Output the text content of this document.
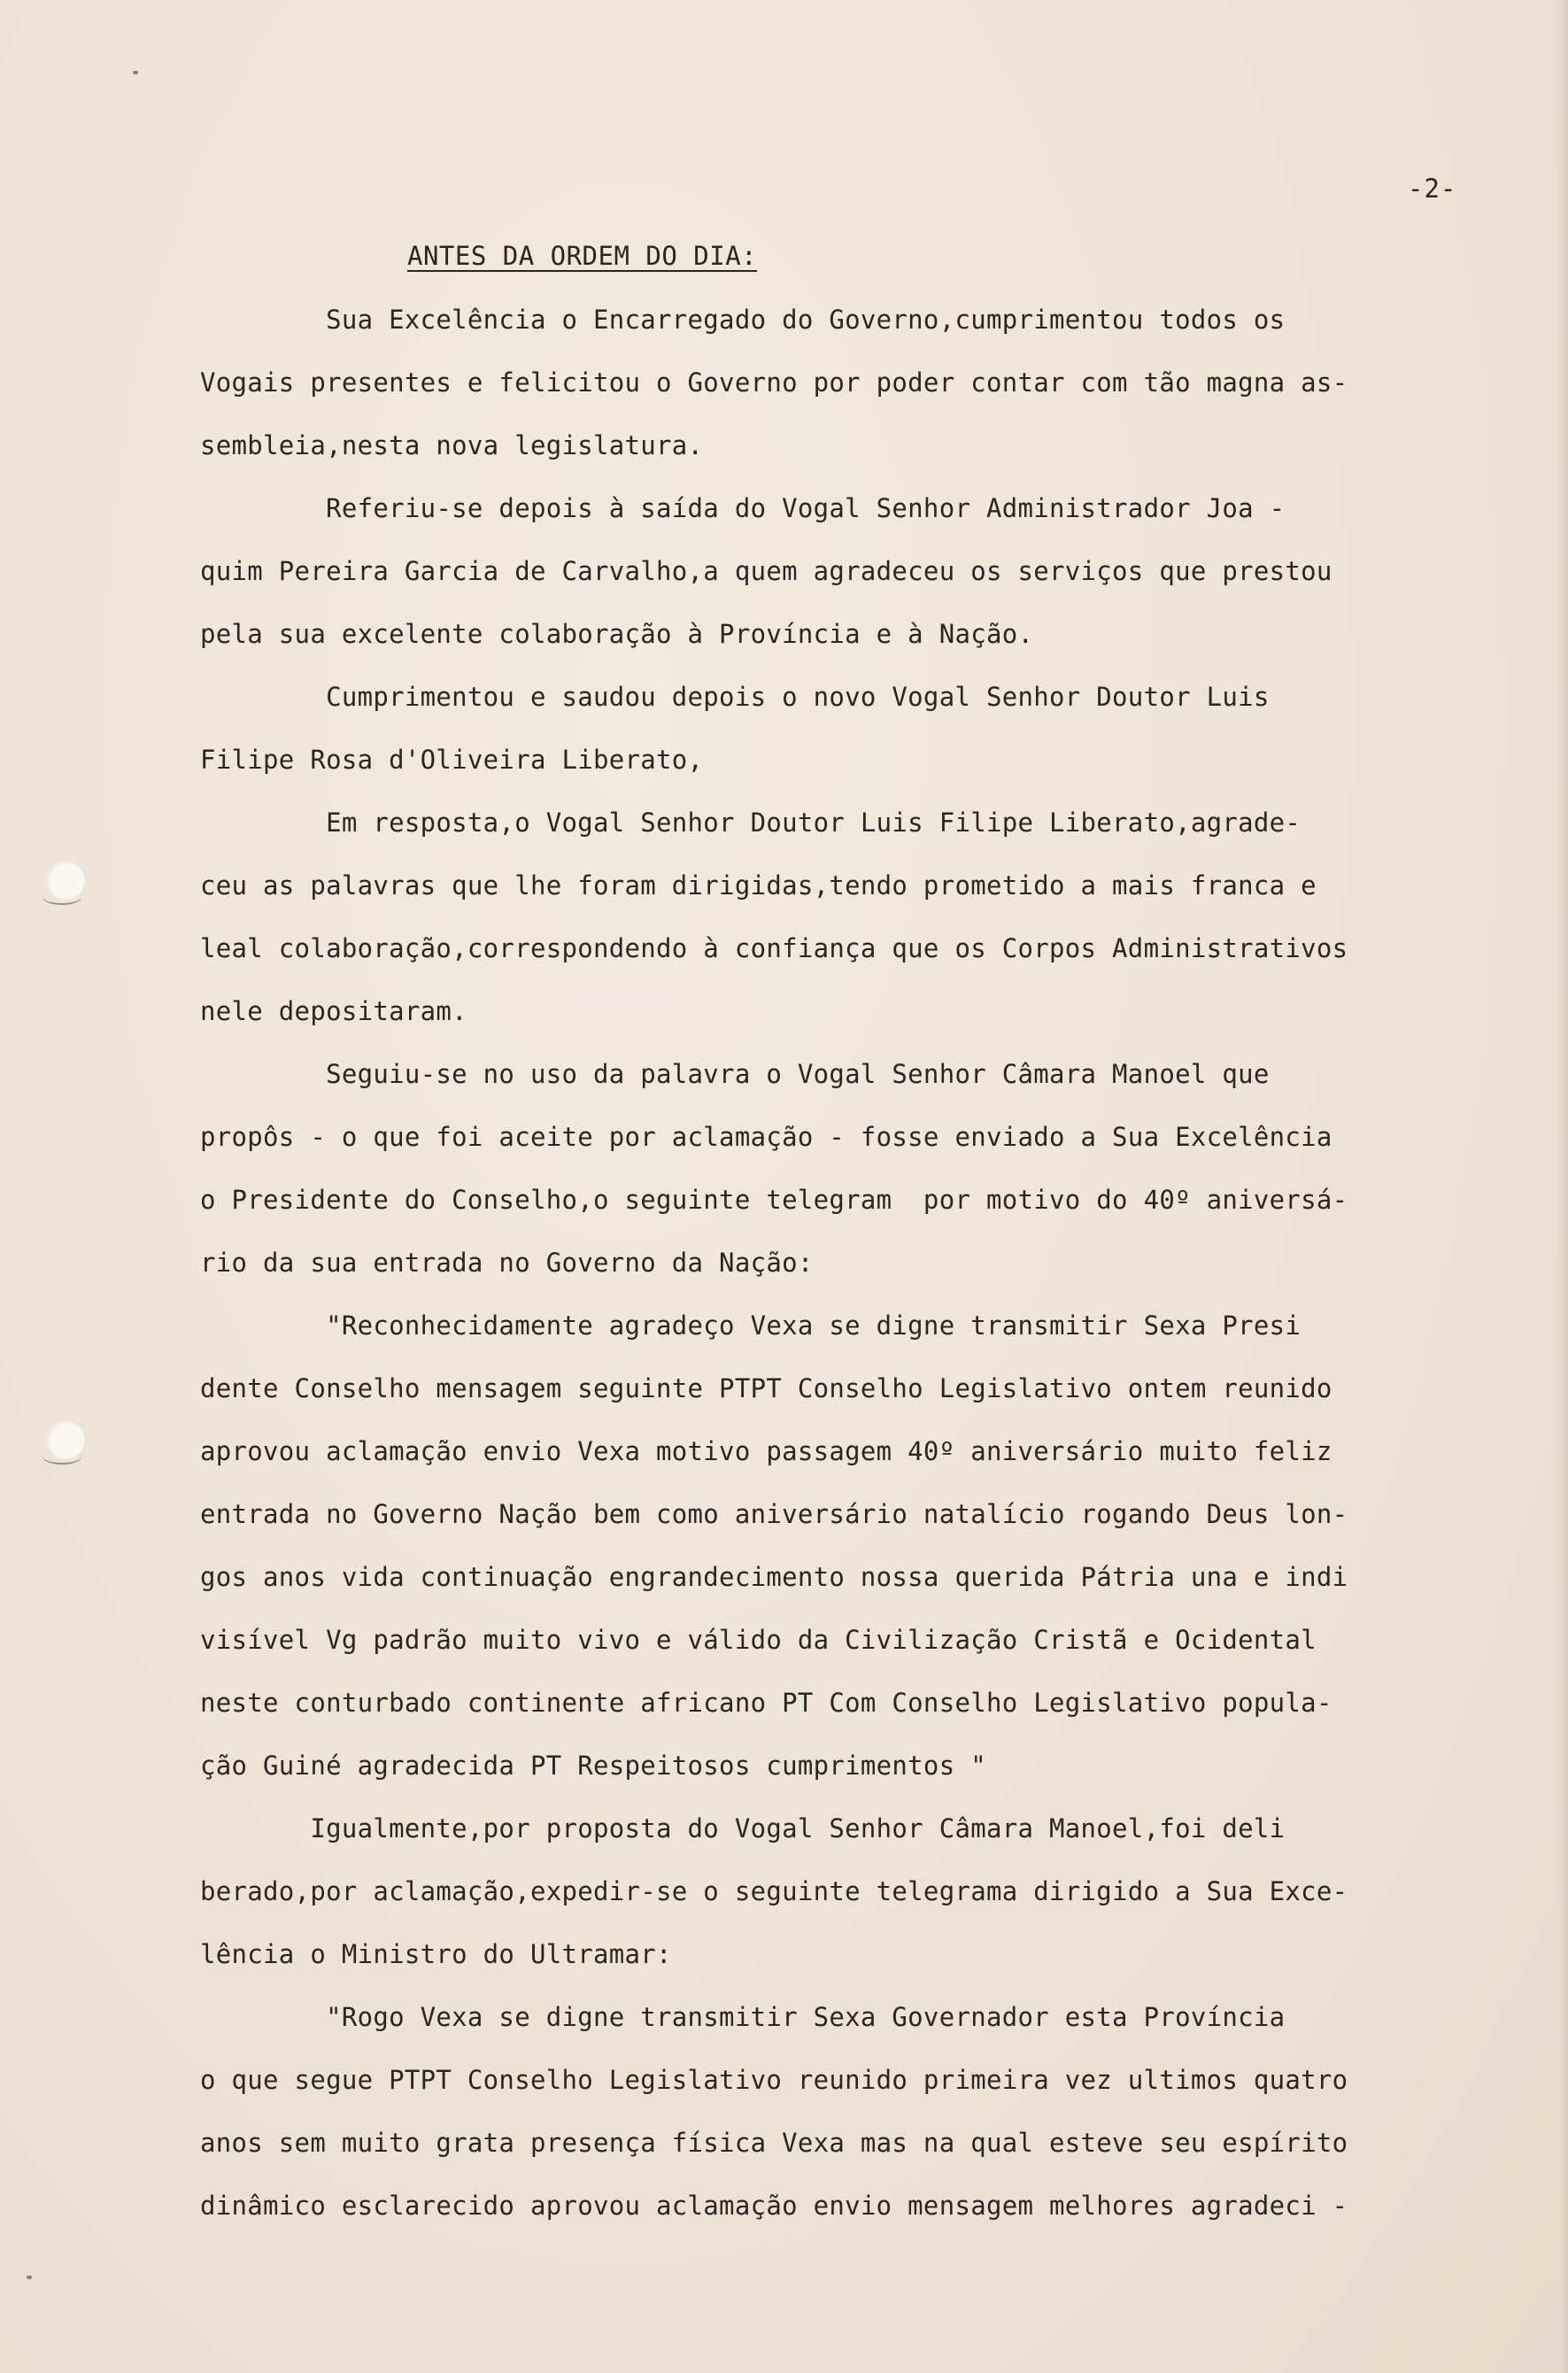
-2-
ANTES DA ORDEM DO DIA:
Sua Excelência o Encarregado do Governo,cumprimentou todos os
Vogais presentes e felicitou o Governo por poder contar com tão magna as-
sembleia,nesta nova legislatura.
Referiu-se depois à saída do Vogal Senhor Administrador Joa -
quim Pereira Garcia de Carvalho,a quem agradeceu os serviços que prestou
pela sua excelente colaboração à Província e à Nação.
Cumprimentou e saudou depois o novo Vogal Senhor Doutor Luis
Filipe Rosa d'Oliveira Liberato,
Em resposta,o Vogal Senhor Doutor Luis Filipe Liberato,agrade-
ceu as palavras que lhe foram dirigidas,tendo prometido a mais franca e
leal colaboração,correspondendo à confiança que os Corpos Administrativos
nele depositaram.
Seguiu-se no uso da palavra o Vogal Senhor Câmara Manoel que
propôs - o que foi aceite por aclamação - fosse enviado a Sua Excelência
o Presidente do Conselho,o seguinte telegram  por motivo do 40º aniversá-
rio da sua entrada no Governo da Nação:
"Reconhecidamente agradeço Vexa se digne transmitir Sexa Presi
dente Conselho mensagem seguinte PTPT Conselho Legislativo ontem reunido
aprovou aclamação envio Vexa motivo passagem 40º aniversário muito feliz
entrada no Governo Nação bem como aniversário natalício rogando Deus lon-
gos anos vida continuação engrandecimento nossa querida Pátria una e indi
visível Vg padrão muito vivo e válido da Civilização Cristã e Ocidental
neste conturbado continente africano PT Com Conselho Legislativo popula-
ção Guiné agradecida PT Respeitosos cumprimentos "
Igualmente,por proposta do Vogal Senhor Câmara Manoel,foi deli
berado,por aclamação,expedir-se o seguinte telegrama dirigido a Sua Exce-
lência o Ministro do Ultramar:
"Rogo Vexa se digne transmitir Sexa Governador esta Província
o que segue PTPT Conselho Legislativo reunido primeira vez ultimos quatro
anos sem muito grata presença física Vexa mas na qual esteve seu espírito
dinâmico esclarecido aprovou aclamação envio mensagem melhores agradeci -
